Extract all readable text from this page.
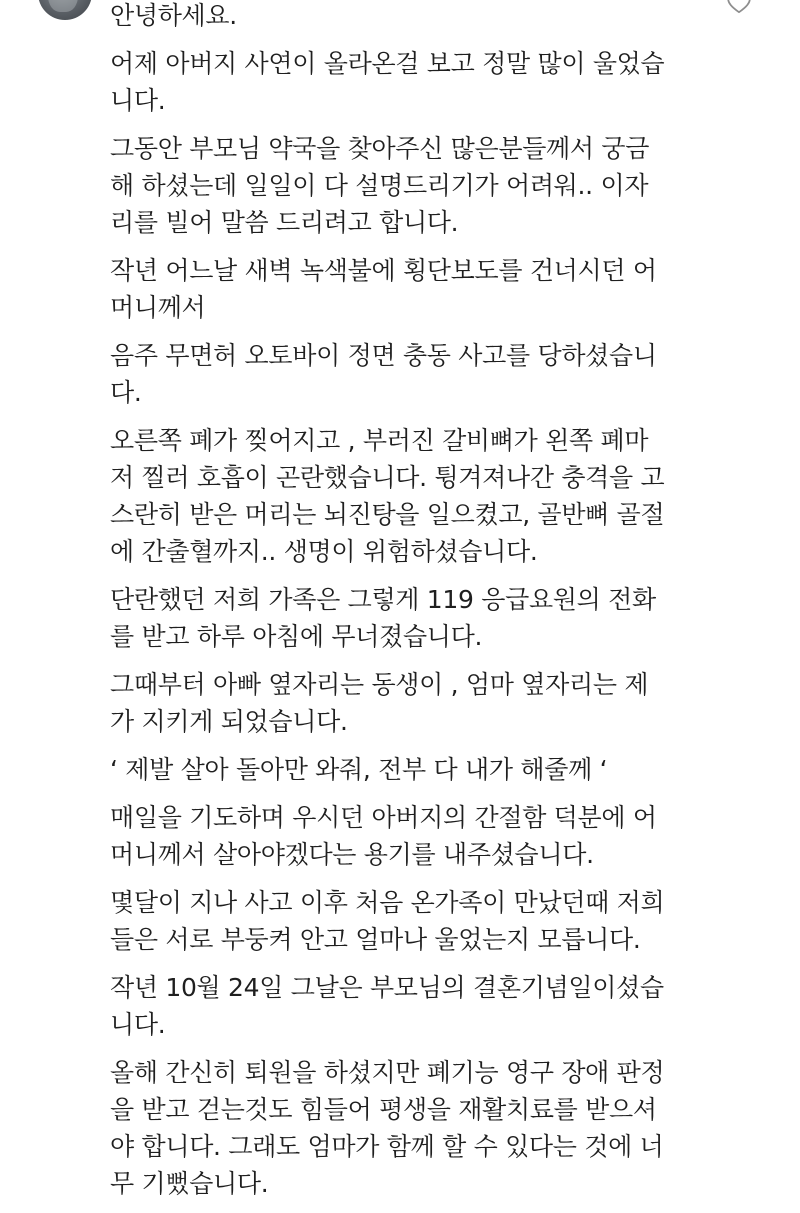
안녕하세요.

어제 아버지 사연이 올라온걸 보고 정말 많이 울었습
니다.

그동안 부모님 약국을 찾아주신 많은분들께서 궁금
해 하셨는데 일일이 다 설명드리기가 어려워.. 이자
리를 빌어 말씀 드리려고 합니다.

작년 어느날 새벽 녹색불에 횡단보도를 건너시던 어
머니께서

음주 무면허 오토바이 정면 충동 사고를 당하셨습니
다.

오른쪽 폐가 찢어지고 , 부러진 갈비뼈가 왼쪽 폐마
저 찔러 호흡이 곤란했습니다. 튕겨져나간 충격을 고
스란히 받은 머리는 뇌진탕을 일으켰고, 골반뼈 골절
에 간출혈까지.. 생명이 위험하셨습니다.

단란했던 저희 가족은 그렇게 119 응급요원의 전화
를 받고 하루 아침에 무너졌습니다.

그때부터 아빠 옆자리는 동생이 , 엄마 옆자리는 제
가 지키게 되었습니다.

‘ 제발 살아 돌아만 와줘, 전부 다 내가 해줄께 ‘

매일을 기도하며 우시던 아버지의 간절함 덕분에 어
머니께서 살아야겠다는 용기를 내주셨습니다.

몇달이 지나 사고 이후 처음 온가족이 만났던때 저희
들은 서로 부둥켜 안고 얼마나 울었는지 모릅니다.

작년 10월 24일 그날은 부모님의 결혼기념일이셨습
니다.

올해 간신히 퇴원을 하셨지만 폐기능 영구 장애 판정
을 받고 걷는것도 힘들어 평생을 재활치료를 받으셔
야 합니다. 그래도 엄마가 함께 할 수 있다는 것에 너
무 기뻤습니다.
